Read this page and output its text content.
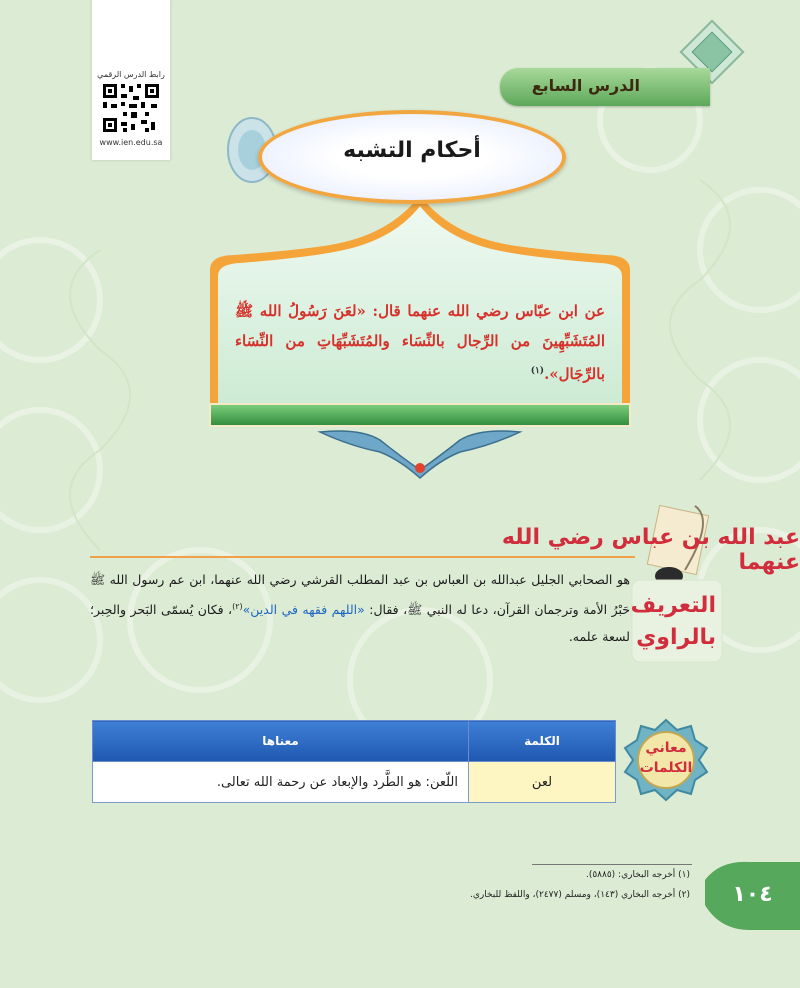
رابط الدرس الرقمي
www.ien.edu.sa
الدرس السابع
أحكام التشبه
عن ابن عبّاس رضي الله عنهما قال: «لعَنَ رَسُولُ الله ﷺ المُتَشَبِّهِينَ من الرِّجال بالنِّسَاء والمُتَشَبِّهَاتِ من النِّسَاء بالرِّجَال».$^{(١)}$
عبد الله بن عباس رضي الله عنهما
التعريف
بالراوي
هو الصحابي الجليل عبدالله بن العباس بن عبد المطلب القرشي رضي الله عنهما، ابن عم رسول الله ﷺ حَبْرُ الأمة وترجمان القرآن، دعا له النبي ﷺ، فقال: «اللهم فقهه في الدين»$^{(٢)}$، فكان يُسمّى البَحر والحِبر؛ لسعة علمه.
معاني
الكلمات
الكلمة	معناها
لعن	اللّعن: هو الطَّرد والإبعاد عن رحمة الله تعالى.
(١) أخرجه البخاري: (٥٨٨٥).
(٢) أخرجه البخاري (١٤٣)، ومسلم (٢٤٧٧)، واللفظ للبخاري.	١٠٤
